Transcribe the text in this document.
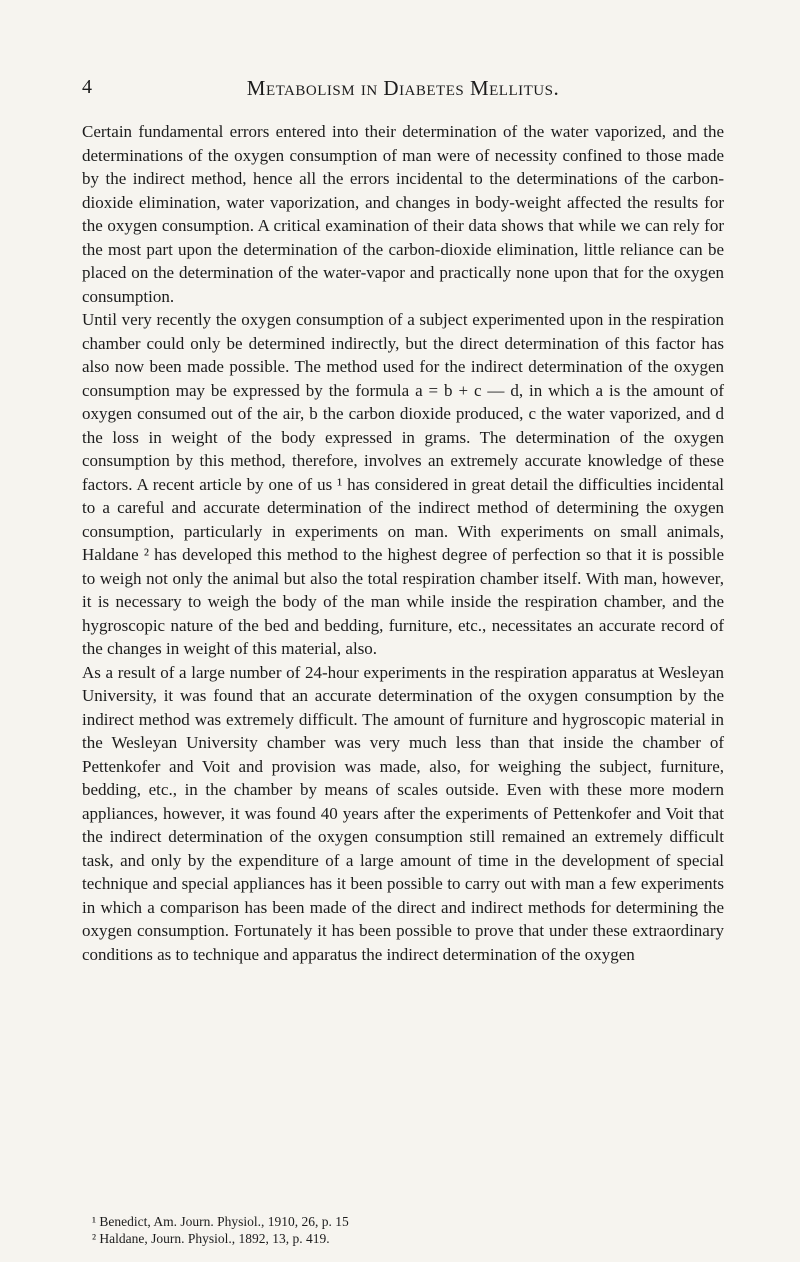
4	Metabolism in Diabetes Mellitus.

Certain fundamental errors entered into their determination of the water vaporized, and the determinations of the oxygen consumption of man were of necessity confined to those made by the indirect method, hence all the errors incidental to the determinations of the carbon-dioxide elimination, water vaporization, and changes in body-weight affected the results for the oxygen consumption. A critical examination of their data shows that while we can rely for the most part upon the determination of the carbon-dioxide elimination, little reliance can be placed on the determination of the water-vapor and practically none upon that for the oxygen consumption.

Until very recently the oxygen consumption of a subject experimented upon in the respiration chamber could only be determined indirectly, but the direct determination of this factor has also now been made possible. The method used for the indirect determination of the oxygen consumption may be expressed by the formula a = b + c — d, in which a is the amount of oxygen consumed out of the air, b the carbon dioxide produced, c the water vaporized, and d the loss in weight of the body expressed in grams. The determination of the oxygen consumption by this method, therefore, involves an extremely accurate knowledge of these factors. A recent article by one of us ¹ has considered in great detail the difficulties incidental to a careful and accurate determination of the indirect method of determining the oxygen consumption, particularly in experiments on man. With experiments on small animals, Haldane ² has developed this method to the highest degree of perfection so that it is possible to weigh not only the animal but also the total respiration chamber itself. With man, however, it is necessary to weigh the body of the man while inside the respiration chamber, and the hygroscopic nature of the bed and bedding, furniture, etc., necessitates an accurate record of the changes in weight of this material, also.

As a result of a large number of 24-hour experiments in the respiration apparatus at Wesleyan University, it was found that an accurate determination of the oxygen consumption by the indirect method was extremely difficult. The amount of furniture and hygroscopic material in the Wesleyan University chamber was very much less than that inside the chamber of Pettenkofer and Voit and provision was made, also, for weighing the subject, furniture, bedding, etc., in the chamber by means of scales outside. Even with these more modern appliances, however, it was found 40 years after the experiments of Pettenkofer and Voit that the indirect determination of the oxygen consumption still remained an extremely difficult task, and only by the expenditure of a large amount of time in the development of special technique and special appliances has it been possible to carry out with man a few experiments in which a comparison has been made of the direct and indirect methods for determining the oxygen consumption. Fortunately it has been possible to prove that under these extraordinary conditions as to technique and apparatus the indirect determination of the oxygen

¹ Benedict, Am. Journ. Physiol., 1910, 26, p. 15
² Haldane, Journ. Physiol., 1892, 13, p. 419.
